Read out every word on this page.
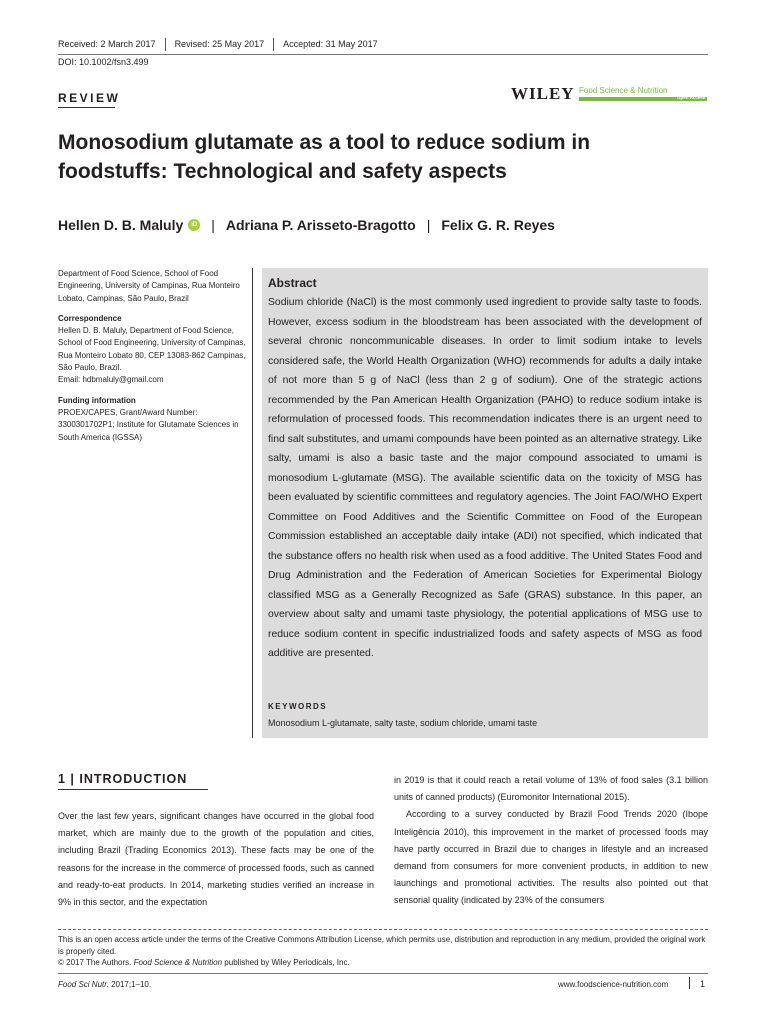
Received: 2 March 2017	Revised: 25 May 2017	Accepted: 31 May 2017
DOI: 10.1002/fsn3.499
REVIEW	WILEY Food Science & Nutrition
Open Access
Monosodium glutamate as a tool to reduce sodium in foodstuffs: Technological and safety aspects
Hellen D. B. Maluly	iD | Adriana P. Arisseto-Bragotto | Felix G. R. Reyes

Department of Food Science, School of Food Engineering, University of Campinas, Rua Monteiro Lobato, Campinas, São Paulo, Brazil

Correspondence

Hellen D. B. Maluly, Department of Food Science, School of Food Engineering, University of Campinas, Rua Monteiro Lobato 80, CEP 13083-862 Campinas, São Paulo, Brazil.

Email: hdbmaluly@gmail.com

Funding information

PROEX/CAPES, Grant/Award Number: 3300301702P1; Institute for Glutamate Sciences in South America (IGSSA)

Abstract
Sodium chloride (NaCl) is the most commonly used ingredient to provide salty taste to foods. However, excess sodium in the bloodstream has been associated with the development of several chronic noncommunicable diseases. In order to limit sodium intake to levels considered safe, the World Health Organization (WHO) recommends for adults a daily intake of not more than 5 g of NaCl (less than 2 g of sodium). One of the strategic actions recommended by the Pan American Health Organization (PAHO) to reduce sodium intake is reformulation of processed foods. This recommendation indicates there is an urgent need to find salt substitutes, and umami compounds have been pointed as an alternative strategy. Like salty, umami is also a basic taste and the major compound associated to umami is monosodium L-glutamate (MSG). The available scientific data on the toxicity of MSG has been evaluated by scientific committees and regulatory agencies. The Joint FAO/WHO Expert Committee on Food Additives and the Scientific Committee on Food of the European Commission established an acceptable daily intake (ADI) not specified, which indicated that the substance offers no health risk when used as a food additive. The United States Food and Drug Administration and the Federation of American Societies for Experimental Biology classified MSG as a Generally Recognized as Safe (GRAS) substance. In this paper, an overview about salty and umami taste physiology, the potential applications of MSG use to reduce sodium content in specific industrialized foods and safety aspects of MSG as food additive are presented.
KEYWORDS
Monosodium L-glutamate, salty taste, sodium chloride, umami taste
1 | INTRODUCTION

Over the last few years, significant changes have occurred in the global food market, which are mainly due to the growth of the population and cities, including Brazil (Trading Economics 2013). These facts may be one of the reasons for the increase in the commerce of processed foods, such as canned and ready-to-eat products. In 2014, marketing studies verified an increase in 9% in this sector, and the expectation

in 2019 is that it could reach a retail volume of 13% of food sales (3.1 billion units of canned products) (Euromonitor International 2015).

According to a survey conducted by Brazil Food Trends 2020 (Ibope Inteligência 2010), this improvement in the market of processed foods may have partly occurred in Brazil due to changes in lifestyle and an increased demand from consumers for more convenient products, in addition to new launchings and promotional activities. The results also pointed out that sensorial quality (indicated by 23% of the consumers

This is an open access article under the terms of the Creative Commons Attribution License, which permits use, distribution and reproduction in any medium, provided the original work is properly cited.

© 2017 The Authors. Food Science & Nutrition published by Wiley Periodicals, Inc.

Food Sci Nutr. 2017;1–10.	www.foodscience-nutrition.com	1
